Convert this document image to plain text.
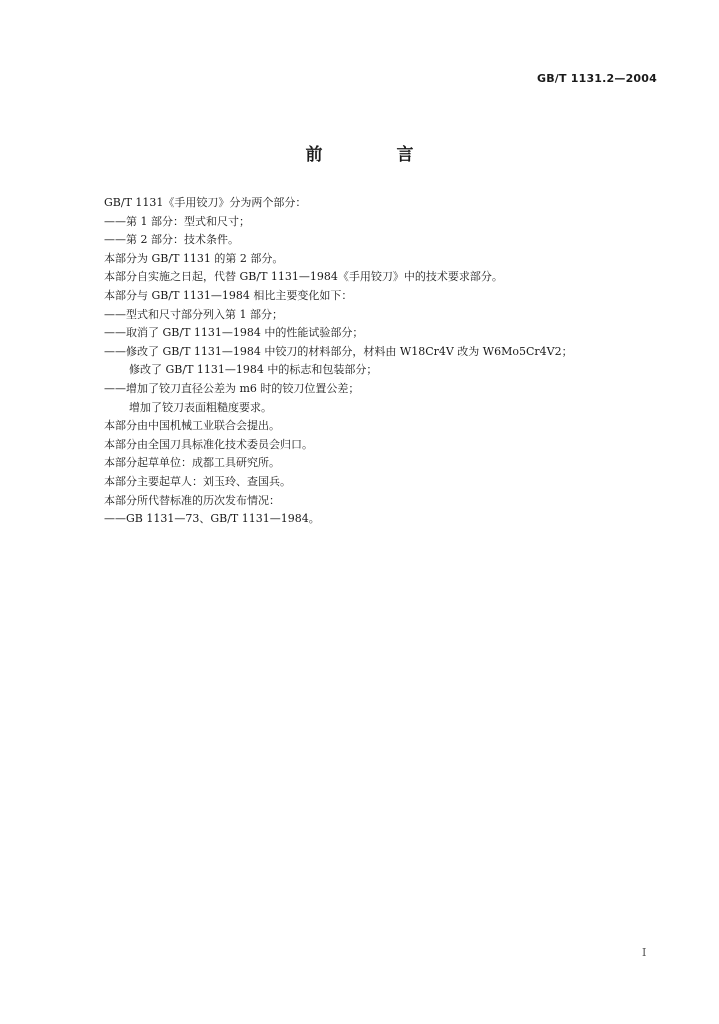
GB/T 1131.2—2004
前 言
GB/T 1131《手用铰刀》分为两个部分：
——第 1 部分：型式和尺寸；
——第 2 部分：技术条件。
本部分为 GB/T 1131 的第 2 部分。
本部分自实施之日起，代替 GB/T 1131—1984《手用铰刀》中的技术要求部分。
本部分与 GB/T 1131—1984 相比主要变化如下：
——型式和尺寸部分列入第 1 部分；
——取消了 GB/T 1131—1984 中的性能试验部分；
——修改了 GB/T 1131—1984 中铰刀的材料部分，材料由 W18Cr4V 改为 W6Mo5Cr4V2；
修改了 GB/T 1131—1984 中的标志和包装部分；
——增加了铰刀直径公差为 m6 时的铰刀位置公差；
增加了铰刀表面粗糙度要求。
本部分由中国机械工业联合会提出。
本部分由全国刀具标准化技术委员会归口。
本部分起草单位：成都工具研究所。
本部分主要起草人：刘玉玲、查国兵。
本部分所代替标准的历次发布情况：
——GB 1131—73、GB/T 1131—1984。
I
